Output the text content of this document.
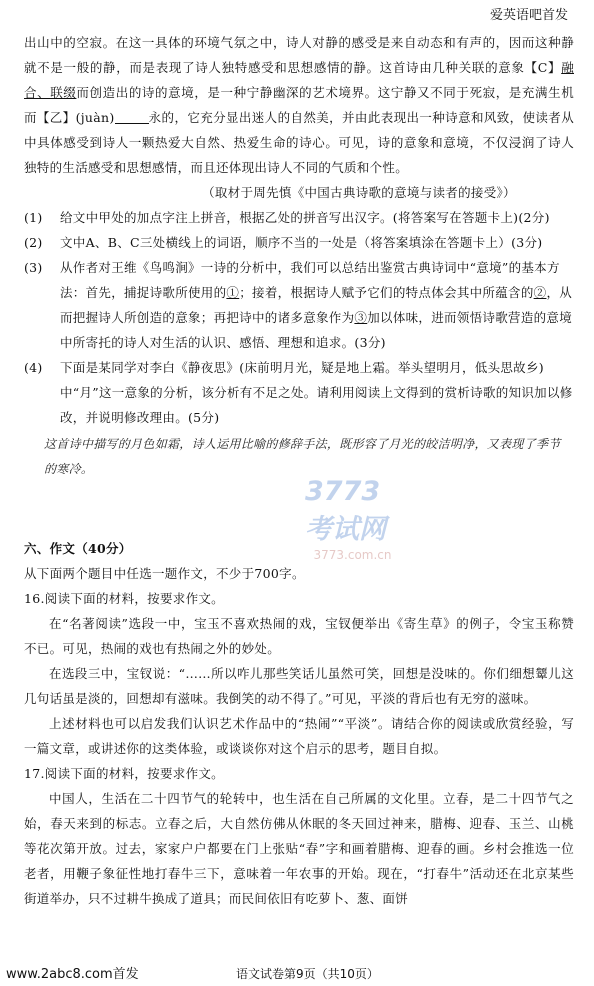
爱英语吧首发

出山中的空寂。在这一具体的环境气氛之中，诗人对静的感受是来自动态和有声的，因而这种静就不是一般的静，而是表现了诗人独特感受和思想感情的静。这首诗由几种关联的意象【C】融合、联缀而创造出的诗的意境，是一种宁静幽深的艺术境界。这宁静又不同于死寂，是充满生机而【乙】(juàn)	永的，它充分显出迷人的自然美，并由此表现出一种诗意和风致，使读者从中具体感受到诗人一颗热爱大自然、热爱生命的诗心。可见，诗的意象和意境，不仅浸润了诗人独特的生活感受和思想感情，而且还体现出诗人不同的气质和个性。

（取材于周先慎《中国古典诗歌的意境与读者的接受》）

(1) 给文中甲处的加点字注上拼音，根据乙处的拼音写出汉字。(将答案写在答题卡上)(2分)

(2) 文中A、B、C三处横线上的词语，顺序不当的一处是（将答案填涂在答题卡上）(3分)

(3) 从作者对王维《鸟鸣涧》一诗的分析中，我们可以总结出鉴赏古典诗词中“意境”的基本方法：首先，捕捉诗歌所使用的①；接着，根据诗人赋予它们的特点体会其中所蕴含的②，从而把握诗人所创造的意象；再把诗中的诸多意象作为③加以体味，进而领悟诗歌营造的意境中所寄托的诗人对生活的认识、感悟、理想和追求。(3分)

(4) 下面是某同学对李白《静夜思》(床前明月光，疑是地上霜。举头望明月，低头思故乡)中“月”这一意象的分析，该分析有不足之处。请利用阅读上文得到的赏析诗歌的知识加以修改，并说明修改理由。(5分)

这首诗中描写的月色如霜，诗人运用比喻的修辞手法，既形容了月光的皎洁明净，又表现了季节的寒冷。

3773考试网
3773.com.cn

六、作文（40分）

从下面两个题目中任选一题作文，不少于700字。

16.阅读下面的材料，按要求作文。

在“名著阅读”选段一中，宝玉不喜欢热闹的戏，宝钗便举出《寄生草》的例子，令宝玉称赞不已。可见，热闹的戏也有热闹之外的妙处。

在选段三中，宝钗说：“……所以咋儿那些笑话儿虽然可笑，回想是没味的。你们细想颦儿这几句话虽是淡的，回想却有滋味。我倒笑的动不得了。”可见，平淡的背后也有无穷的滋味。

上述材料也可以启发我们认识艺术作品中的“热闹”“平淡”。请结合你的阅读或欣赏经验，写一篇文章，或讲述你的这类体验，或谈谈你对这个启示的思考，题目自拟。

17.阅读下面的材料，按要求作文。

中国人，生活在二十四节气的轮转中，也生活在自己所属的文化里。立春，是二十四节气之始，春天来到的标志。立春之后，大自然仿佛从休眠的冬天回过神来，腊梅、迎春、玉兰、山桃等花次第开放。过去，家家户户都要在门上张贴“春”字和画着腊梅、迎春的画。乡村会推选一位老者，用鞭子象征性地打春牛三下，意味着一年农事的开始。现在，“打春牛”活动还在北京某些街道举办，只不过耕牛换成了道具；而民间依旧有吃萝卜、葱、面饼

www.2abc8.com首发	语文试卷第9页（共10页）
